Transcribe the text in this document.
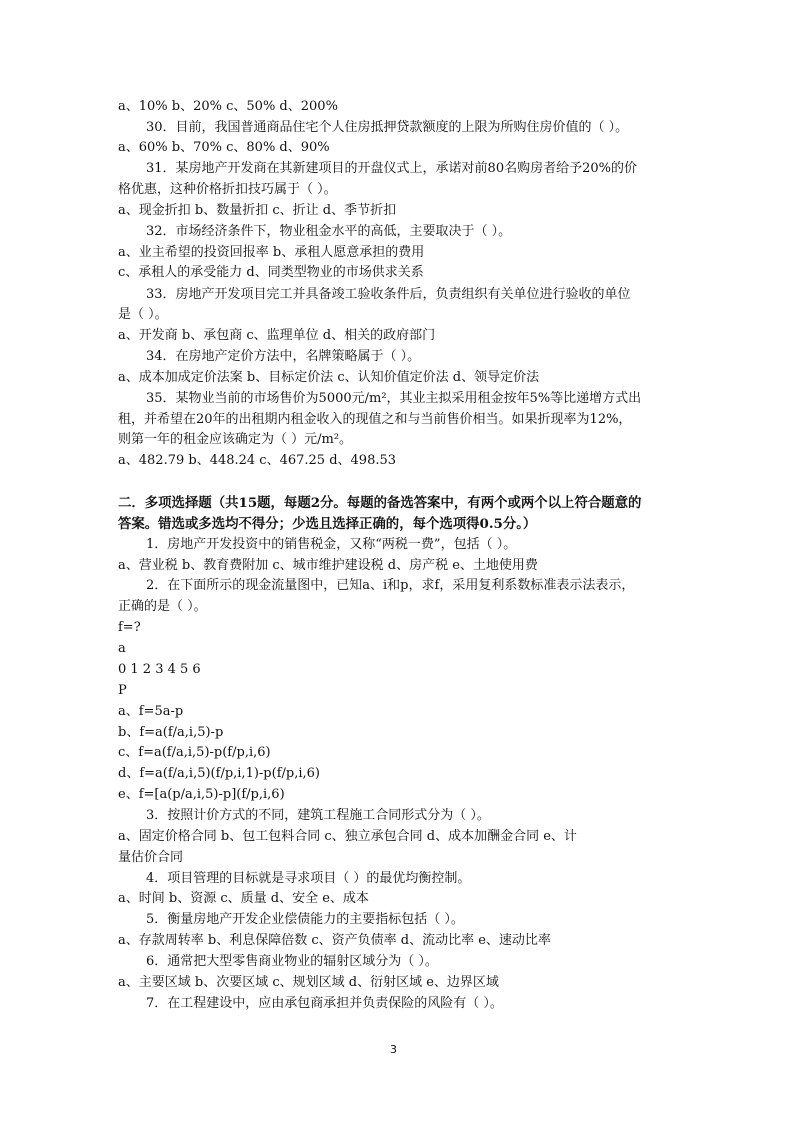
a、10% b、20% c、50% d、200%
30．目前，我国普通商品住宅个人住房抵押贷款额度的上限为所购住房价值的（ ）。
a、60% b、70% c、80% d、90%
31．某房地产开发商在其新建项目的开盘仪式上，承诺对前80名购房者给予20%的价
格优惠，这种价格折扣技巧属于（ ）。
a、现金折扣 b、数量折扣 c、折让 d、季节折扣
32．市场经济条件下，物业租金水平的高低，主要取决于（ ）。
a、业主希望的投资回报率 b、承租人愿意承担的费用
c、承租人的承受能力 d、同类型物业的市场供求关系
33．房地产开发项目完工并具备竣工验收条件后，负责组织有关单位进行验收的单位
是（ ）。
a、开发商 b、承包商 c、监理单位 d、相关的政府部门
34．在房地产定价方法中，名牌策略属于（ ）。
a、成本加成定价法案 b、目标定价法 c、认知价值定价法 d、领导定价法
35．某物业当前的市场售价为5000元/m²，其业主拟采用租金按年5%等比递增方式出
租，并希望在20年的出租期内租金收入的现值之和与当前售价相当。如果折现率为12%，
则第一年的租金应该确定为（ ）元/m²。
a、482.79 b、448.24 c、467.25 d、498.53
二．多项选择题（共15题，每题2分。每题的备选答案中，有两个或两个以上符合题意的
答案。错选或多选均不得分；少选且选择正确的，每个选项得0.5分。）
1．房地产开发投资中的销售税金，又称“两税一费”，包括（ ）。
a、营业税 b、教育费附加 c、城市维护建设税 d、房产税 e、土地使用费
2．在下面所示的现金流量图中，已知a、i和p，求f，采用复利系数标准表示法表示，
正确的是（ ）。
f=?
a
0 1 2 3 4 5 6
P
a、f=5a-p
b、f=a(f/a,i,5)-p
c、f=a(f/a,i,5)-p(f/p,i,6)
d、f=a(f/a,i,5)(f/p,i,1)-p(f/p,i,6)
e、f=[a(p/a,i,5)-p](f/p,i,6)
3．按照计价方式的不同，建筑工程施工合同形式分为（ ）。
a、固定价格合同 b、包工包料合同 c、独立承包合同 d、成本加酬金合同 e、计
量估价合同
4．项目管理的目标就是寻求项目（ ）的最优均衡控制。
a、时间 b、资源 c、质量 d、安全 e、成本
5．衡量房地产开发企业偿债能力的主要指标包括（ ）。
a、存款周转率 b、利息保障倍数 c、资产负债率 d、流动比率 e、速动比率
6．通常把大型零售商业物业的辐射区域分为（ ）。
a、主要区域 b、次要区域 c、规划区域 d、衍射区域 e、边界区域
7．在工程建设中，应由承包商承担并负责保险的风险有（ ）。
3
